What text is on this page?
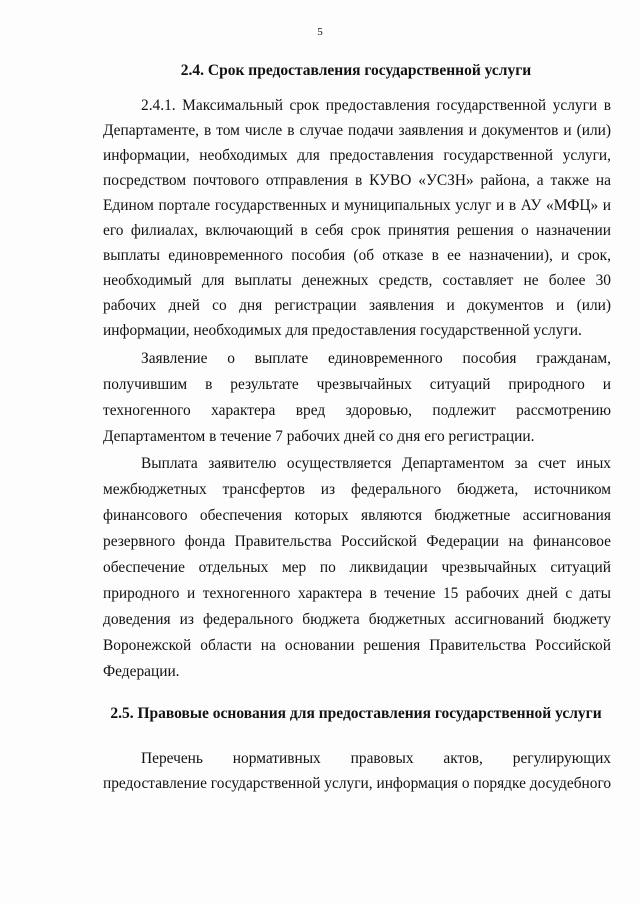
5
2.4. Срок предоставления государственной услуги
2.4.1. Максимальный срок предоставления государственной услуги в
Департаменте, в том числе в случае подачи заявления и документов и (или)
информации, необходимых для предоставления государственной услуги,
посредством почтового отправления в КУВО «УСЗН» района, а также на
Едином портале государственных и муниципальных услуг и в АУ «МФЦ» и
его филиалах, включающий в себя срок принятия решения о назначении
выплаты единовременного пособия (об отказе в ее назначении), и срок,
необходимый для выплаты денежных средств, составляет не более 30
рабочих дней со дня регистрации заявления и документов и (или)
информации, необходимых для предоставления государственной услуги.
Заявление о выплате единовременного пособия гражданам,
получившим в результате чрезвычайных ситуаций природного и
техногенного характера вред здоровью, подлежит рассмотрению
Департаментом в течение 7 рабочих дней со дня его регистрации.
Выплата заявителю осуществляется Департаментом за счет иных
межбюджетных трансфертов из федерального бюджета, источником
финансового обеспечения которых являются бюджетные ассигнования
резервного фонда Правительства Российской Федерации на финансовое
обеспечение отдельных мер по ликвидации чрезвычайных ситуаций
природного и техногенного характера в течение 15 рабочих дней с даты
доведения из федерального бюджета бюджетных ассигнований бюджету
Воронежской области на основании решения Правительства Российской
Федерации.
2.5. Правовые основания для предоставления государственной услуги
Перечень нормативных правовых актов, регулирующих
предоставление государственной услуги, информация о порядке досудебного
